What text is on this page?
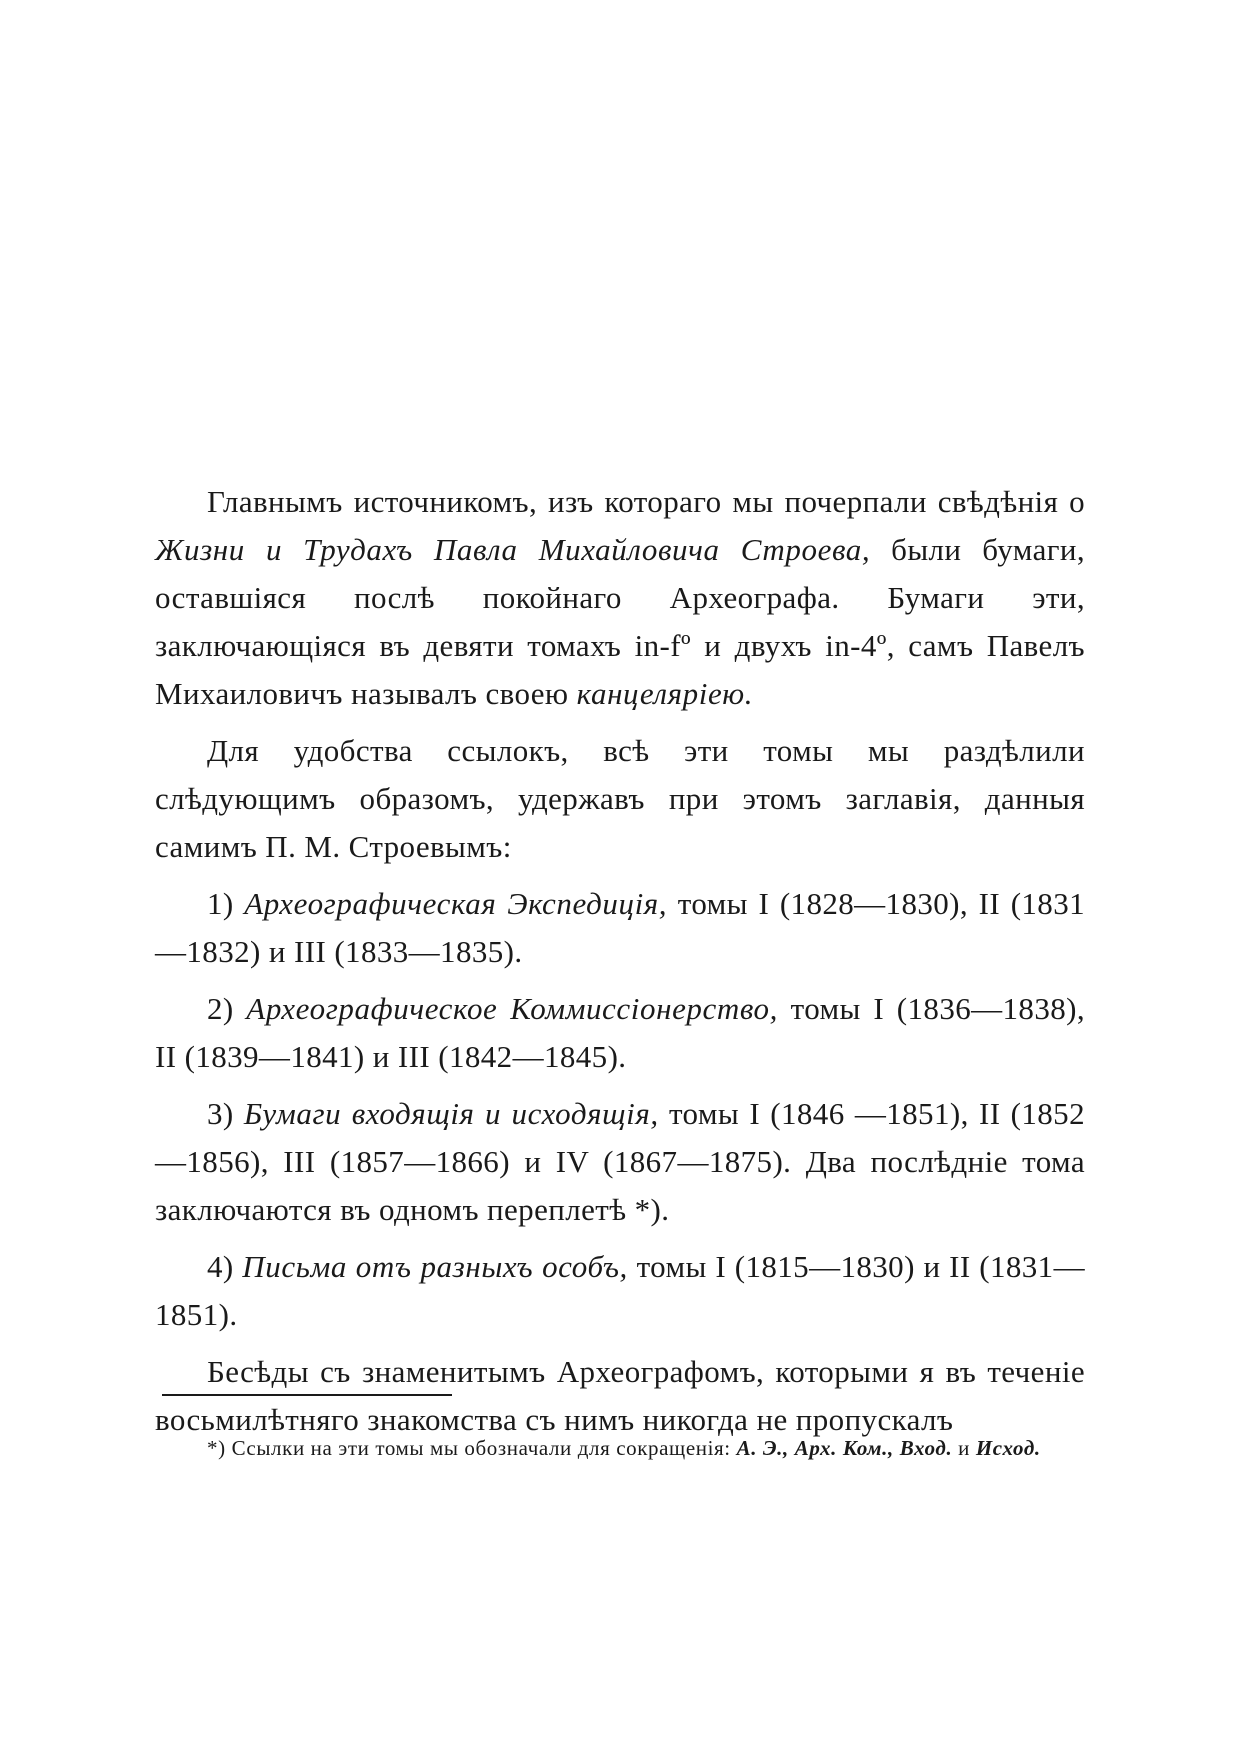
Главнымъ источникомъ, изъ котораго мы почерпали свѣдѣнія о Жизни и Трудахъ Павла Михайловича Строева, были бумаги, оставшіяся послѣ покойнаго Археографа. Бумаги эти, заключающіяся въ девяти томахъ in-fº и двухъ in-4º, самъ Павелъ Михаиловичъ называлъ своею канцеляріею.

Для удобства ссылокъ, всѣ эти томы мы раздѣлили слѣдующимъ образомъ, удержавъ при этомъ заглавія, данныя самимъ П. М. Строевымъ:

1) Археографическая Экспедиція, томы I (1828—1830), II (1831—1832) и III (1833—1835).

2) Археографическое Коммиссіонерство, томы I (1836—1838), II (1839—1841) и III (1842—1845).

3) Бумаги входящія и исходящія, томы I (1846 —1851), II (1852—1856), III (1857—1866) и IV (1867—1875). Два послѣдніе тома заключаются въ одномъ переплетѣ *).

4) Письма отъ разныхъ особъ, томы I (1815—1830) и II (1831—1851).

Бесѣды съ знаменитымъ Археографомъ, которыми я въ теченіе восьмилѣтняго знакомства съ нимъ никогда не пропускалъ

*) Ссылки на эти томы мы обозначали для сокращенія: А. Э., Арх. Ком., Вход. и Исход.
